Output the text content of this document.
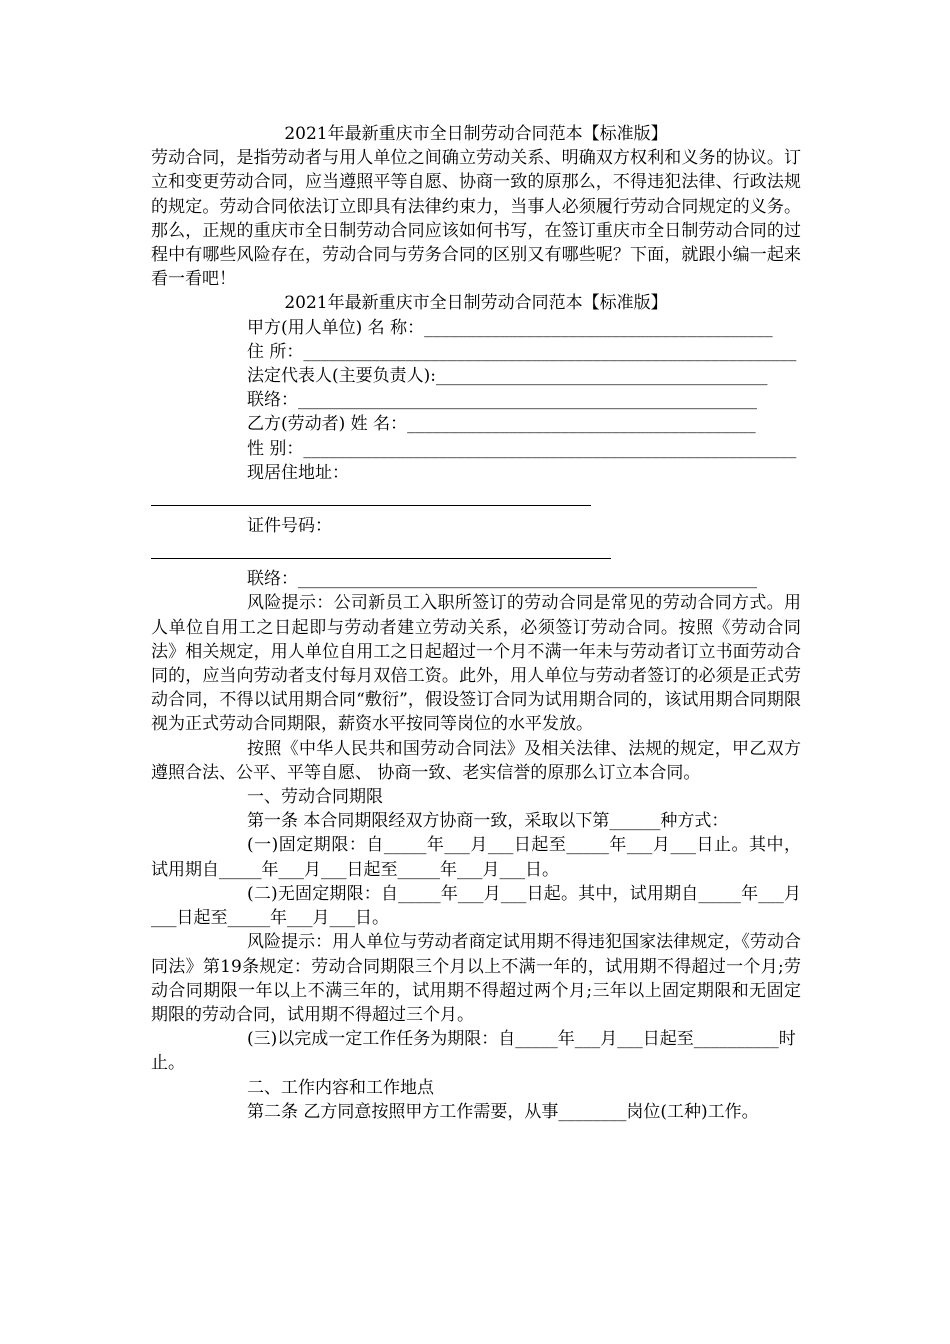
2021年最新重庆市全日制劳动合同范本【标准版】

劳动合同，是指劳动者与用人单位之间确立劳动关系、明确双方权利和义务的协议。订立和变更劳动合同，应当遵照平等自愿、协商一致的原那么，不得违犯法律、行政法规的规定。劳动合同依法订立即具有法律约束力，当事人必须履行劳动合同规定的义务。那么，正规的重庆市全日制劳动合同应该如何书写，在签订重庆市全日制劳动合同的过程中有哪些风险存在，劳动合同与劳务合同的区别又有哪些呢？下面，就跟小编一起来看一看吧！

2021年最新重庆市全日制劳动合同范本【标准版】

甲方(用人单位) 名 称：_________________________________________

住 所：__________________________________________________________

法定代表人(主要负责人):_______________________________________

联络：______________________________________________________

乙方(劳动者) 姓 名：_________________________________________

性 别：__________________________________________________________

现居住地址：

证件号码：

联络：______________________________________________________

风险提示：公司新员工入职所签订的劳动合同是常见的劳动合同方式。用人单位自用工之日起即与劳动者建立劳动关系，必须签订劳动合同。按照《劳动合同法》相关规定，用人单位自用工之日起超过一个月不满一年未与劳动者订立书面劳动合同的，应当向劳动者支付每月双倍工资。此外，用人单位与劳动者签订的必须是正式劳动合同，不得以试用期合同“敷衍”，假设签订合同为试用期合同的，该试用期合同期限视为正式劳动合同期限，薪资水平按同等岗位的水平发放。

按照《中华人民共和国劳动合同法》及相关法律、法规的规定，甲乙双方遵照合法、公平、平等自愿、 协商一致、老实信誉的原那么订立本合同。

一、劳动合同期限

第一条 本合同期限经双方协商一致，采取以下第______种方式：

(一)固定期限：自_____年___月___日起至_____年___月___日止。其中，试用期自_____年___月___日起至_____年___月___日。

(二)无固定期限：自_____年___月___日起。其中，试用期自_____年___月___日起至_____年___月___日。

风险提示：用人单位与劳动者商定试用期不得违犯国家法律规定，《劳动合同法》第19条规定：劳动合同期限三个月以上不满一年的，试用期不得超过一个月;劳动合同期限一年以上不满三年的，试用期不得超过两个月;三年以上固定期限和无固定期限的劳动合同，试用期不得超过三个月。

(三)以完成一定工作任务为期限：自_____年___月___日起至__________时止。

二、工作内容和工作地点

第二条 乙方同意按照甲方工作需要，从事________岗位(工种)工作。
